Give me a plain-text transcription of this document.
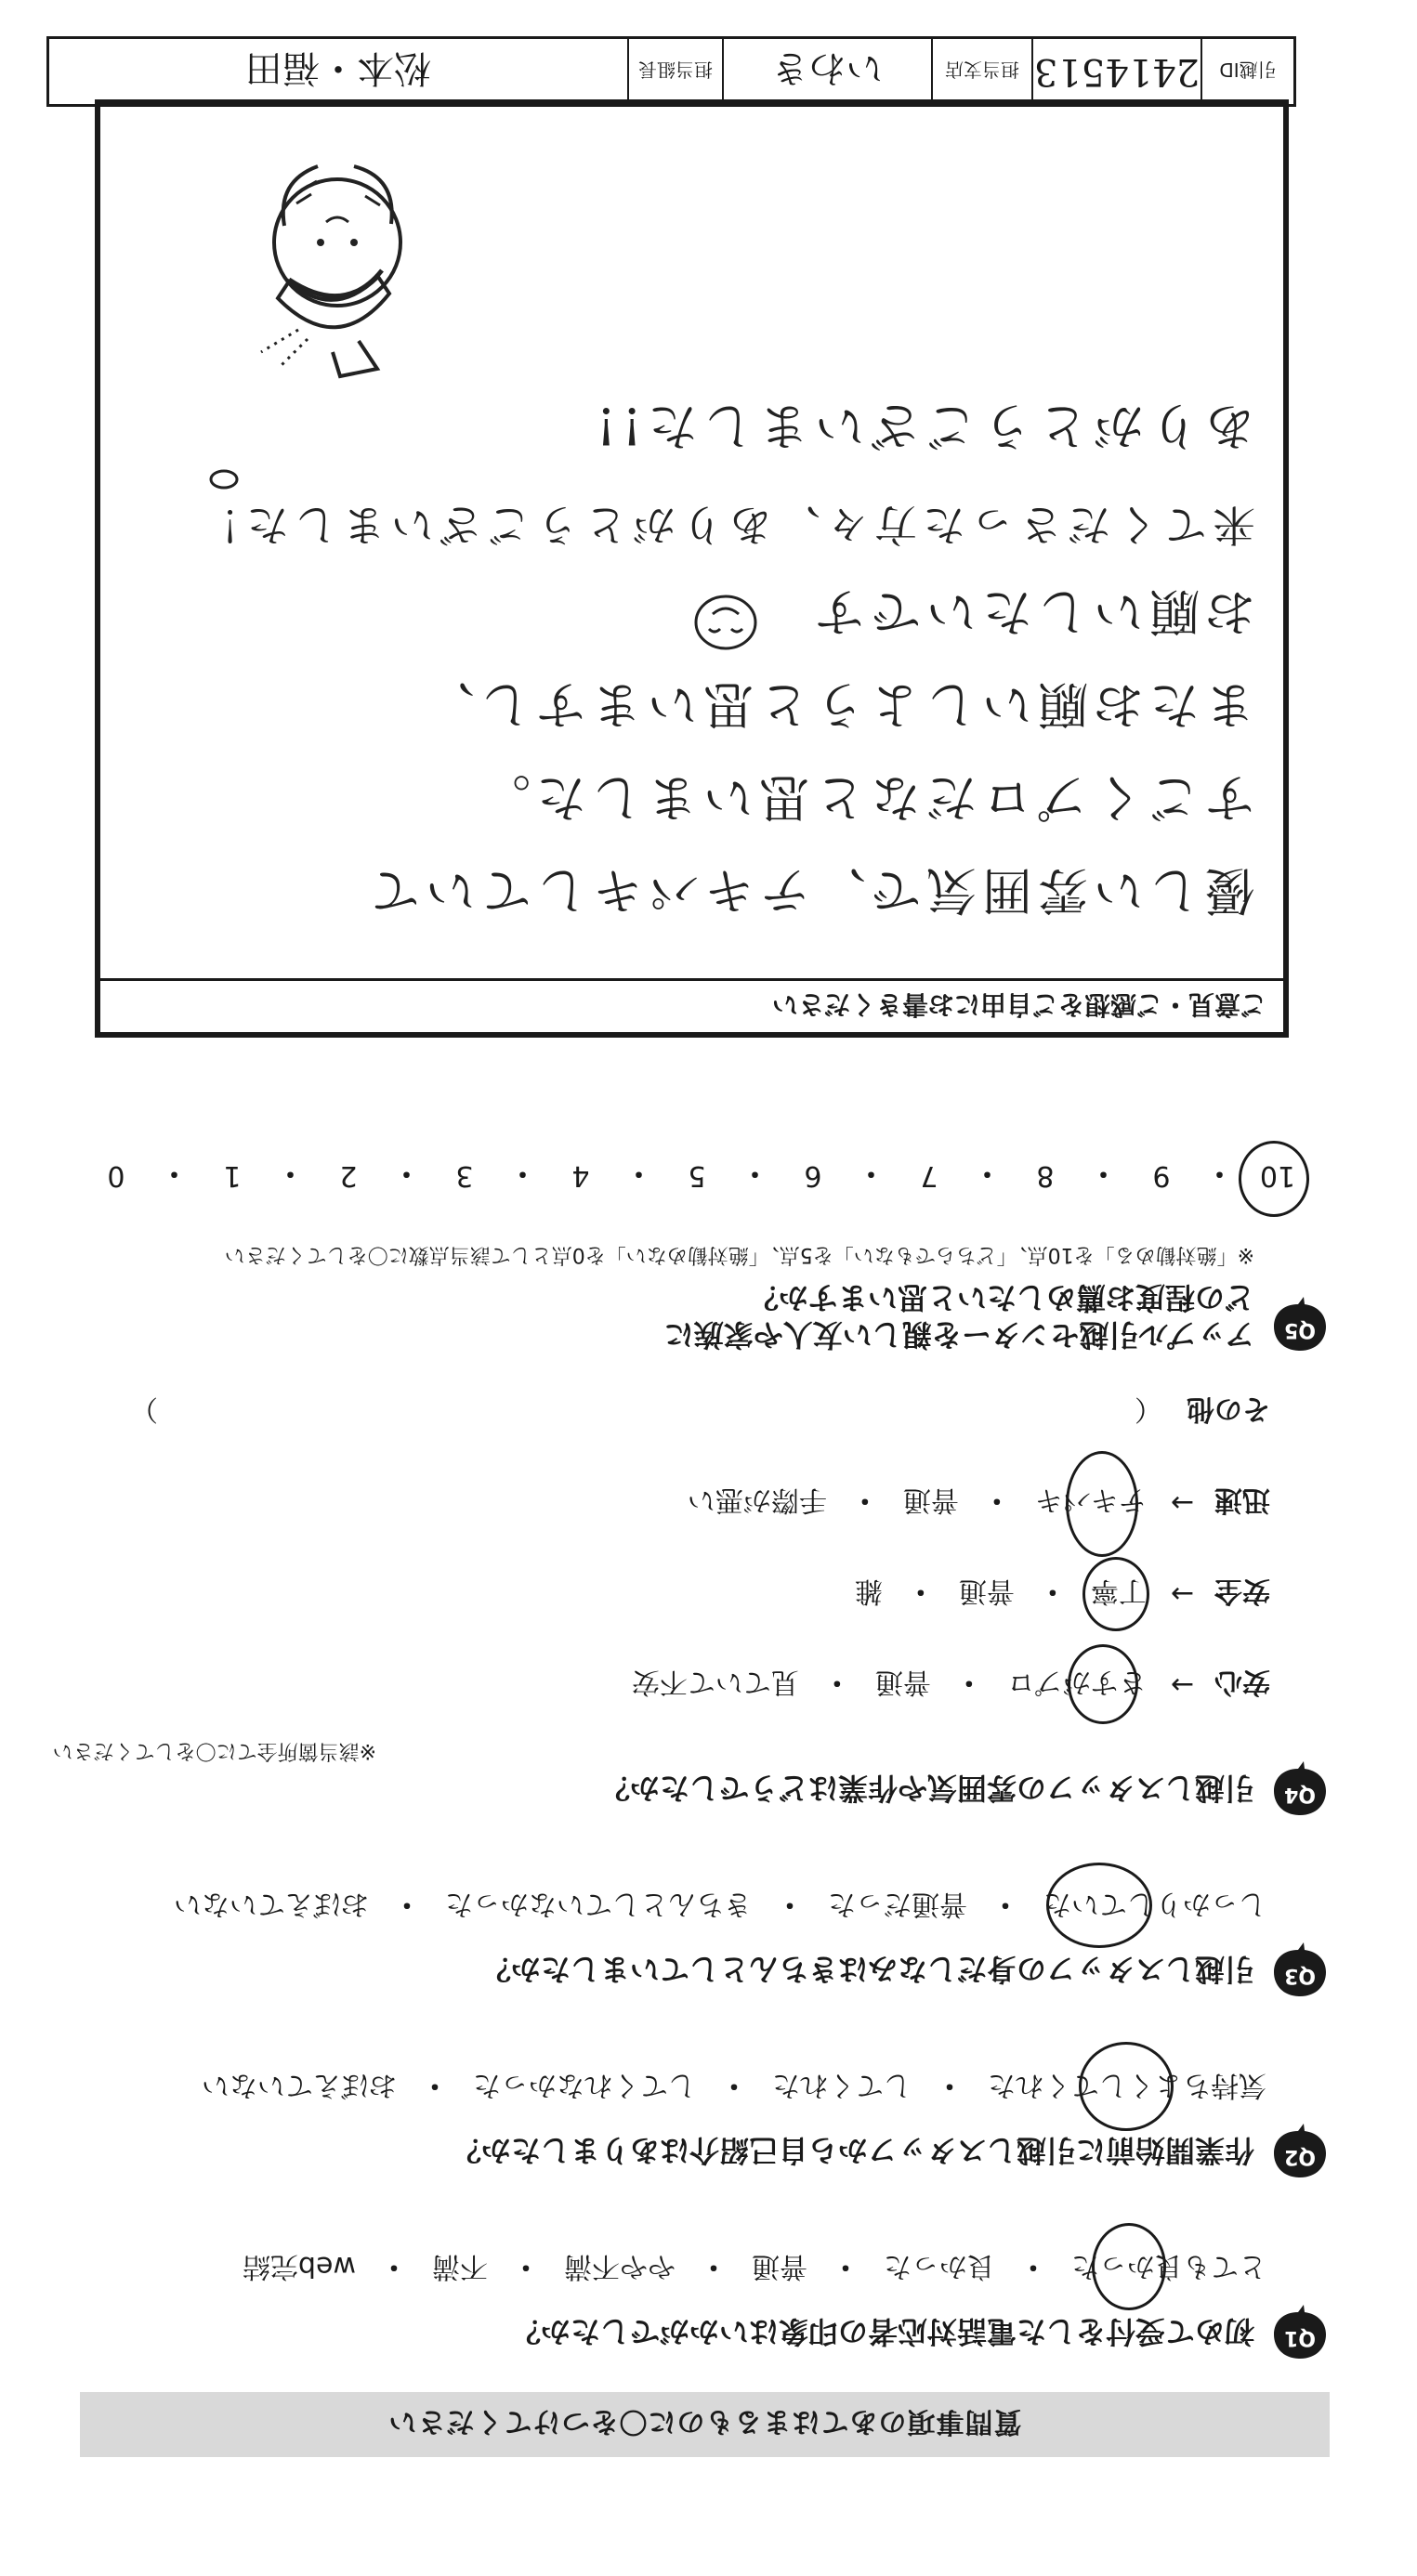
質問事項のあてはまるものに〇をつけてください
Q1
初めて受付をした電話対応者の印象はいかがでしたか？
とても良かった
・
良かった
・
普通
・
やや不満
・
不満
・
web完結
Q2
作業開始前に引越しスタッフから自己紹介はありましたか？
気持ちよくしてくれた
・
してくれた
・
してくれなかった
・
おぼえていない
Q3
引越しスタッフの身だしなみはきちんとしていましたか？
しっかりしていた
・
普通だった
・
きちんとしていなかった
・
おぼえていない
Q4
引越しスタッフの雰囲気や作業はどうでしたか？
※該当箇所全てに〇をしてください
安心
→
さすがプロ
・
普通
・
見ていて不安
安全
→
丁寧
・
普通
・
雑
迅速
→
テキパキ
・
普通
・
手際が悪い
その他
（
）
Q5
アップル引越センターを親しい友人や家族に
どの程度お薦めしたいと思いますか？
※「絶対勧める」を10点、「どちらでもない」を5点、「絶対勧めない」を0点として該当点数に〇をしてください
10
・
9
・
8
・
7
・
6
・
5
・
4
・
3
・
2
・
1
・
0
ご意見・ご感想をご自由にお書きください
優しい雰囲気で、テキパキしていて
すごくプロだなと思いました。
またお願いしようと思いますし、
お願いしたいです
来てくださった方々、ありがとうございました！
ありがとうございました!!
引越ID
2414513
担当支店
いわき
担当組長
松本・福田
